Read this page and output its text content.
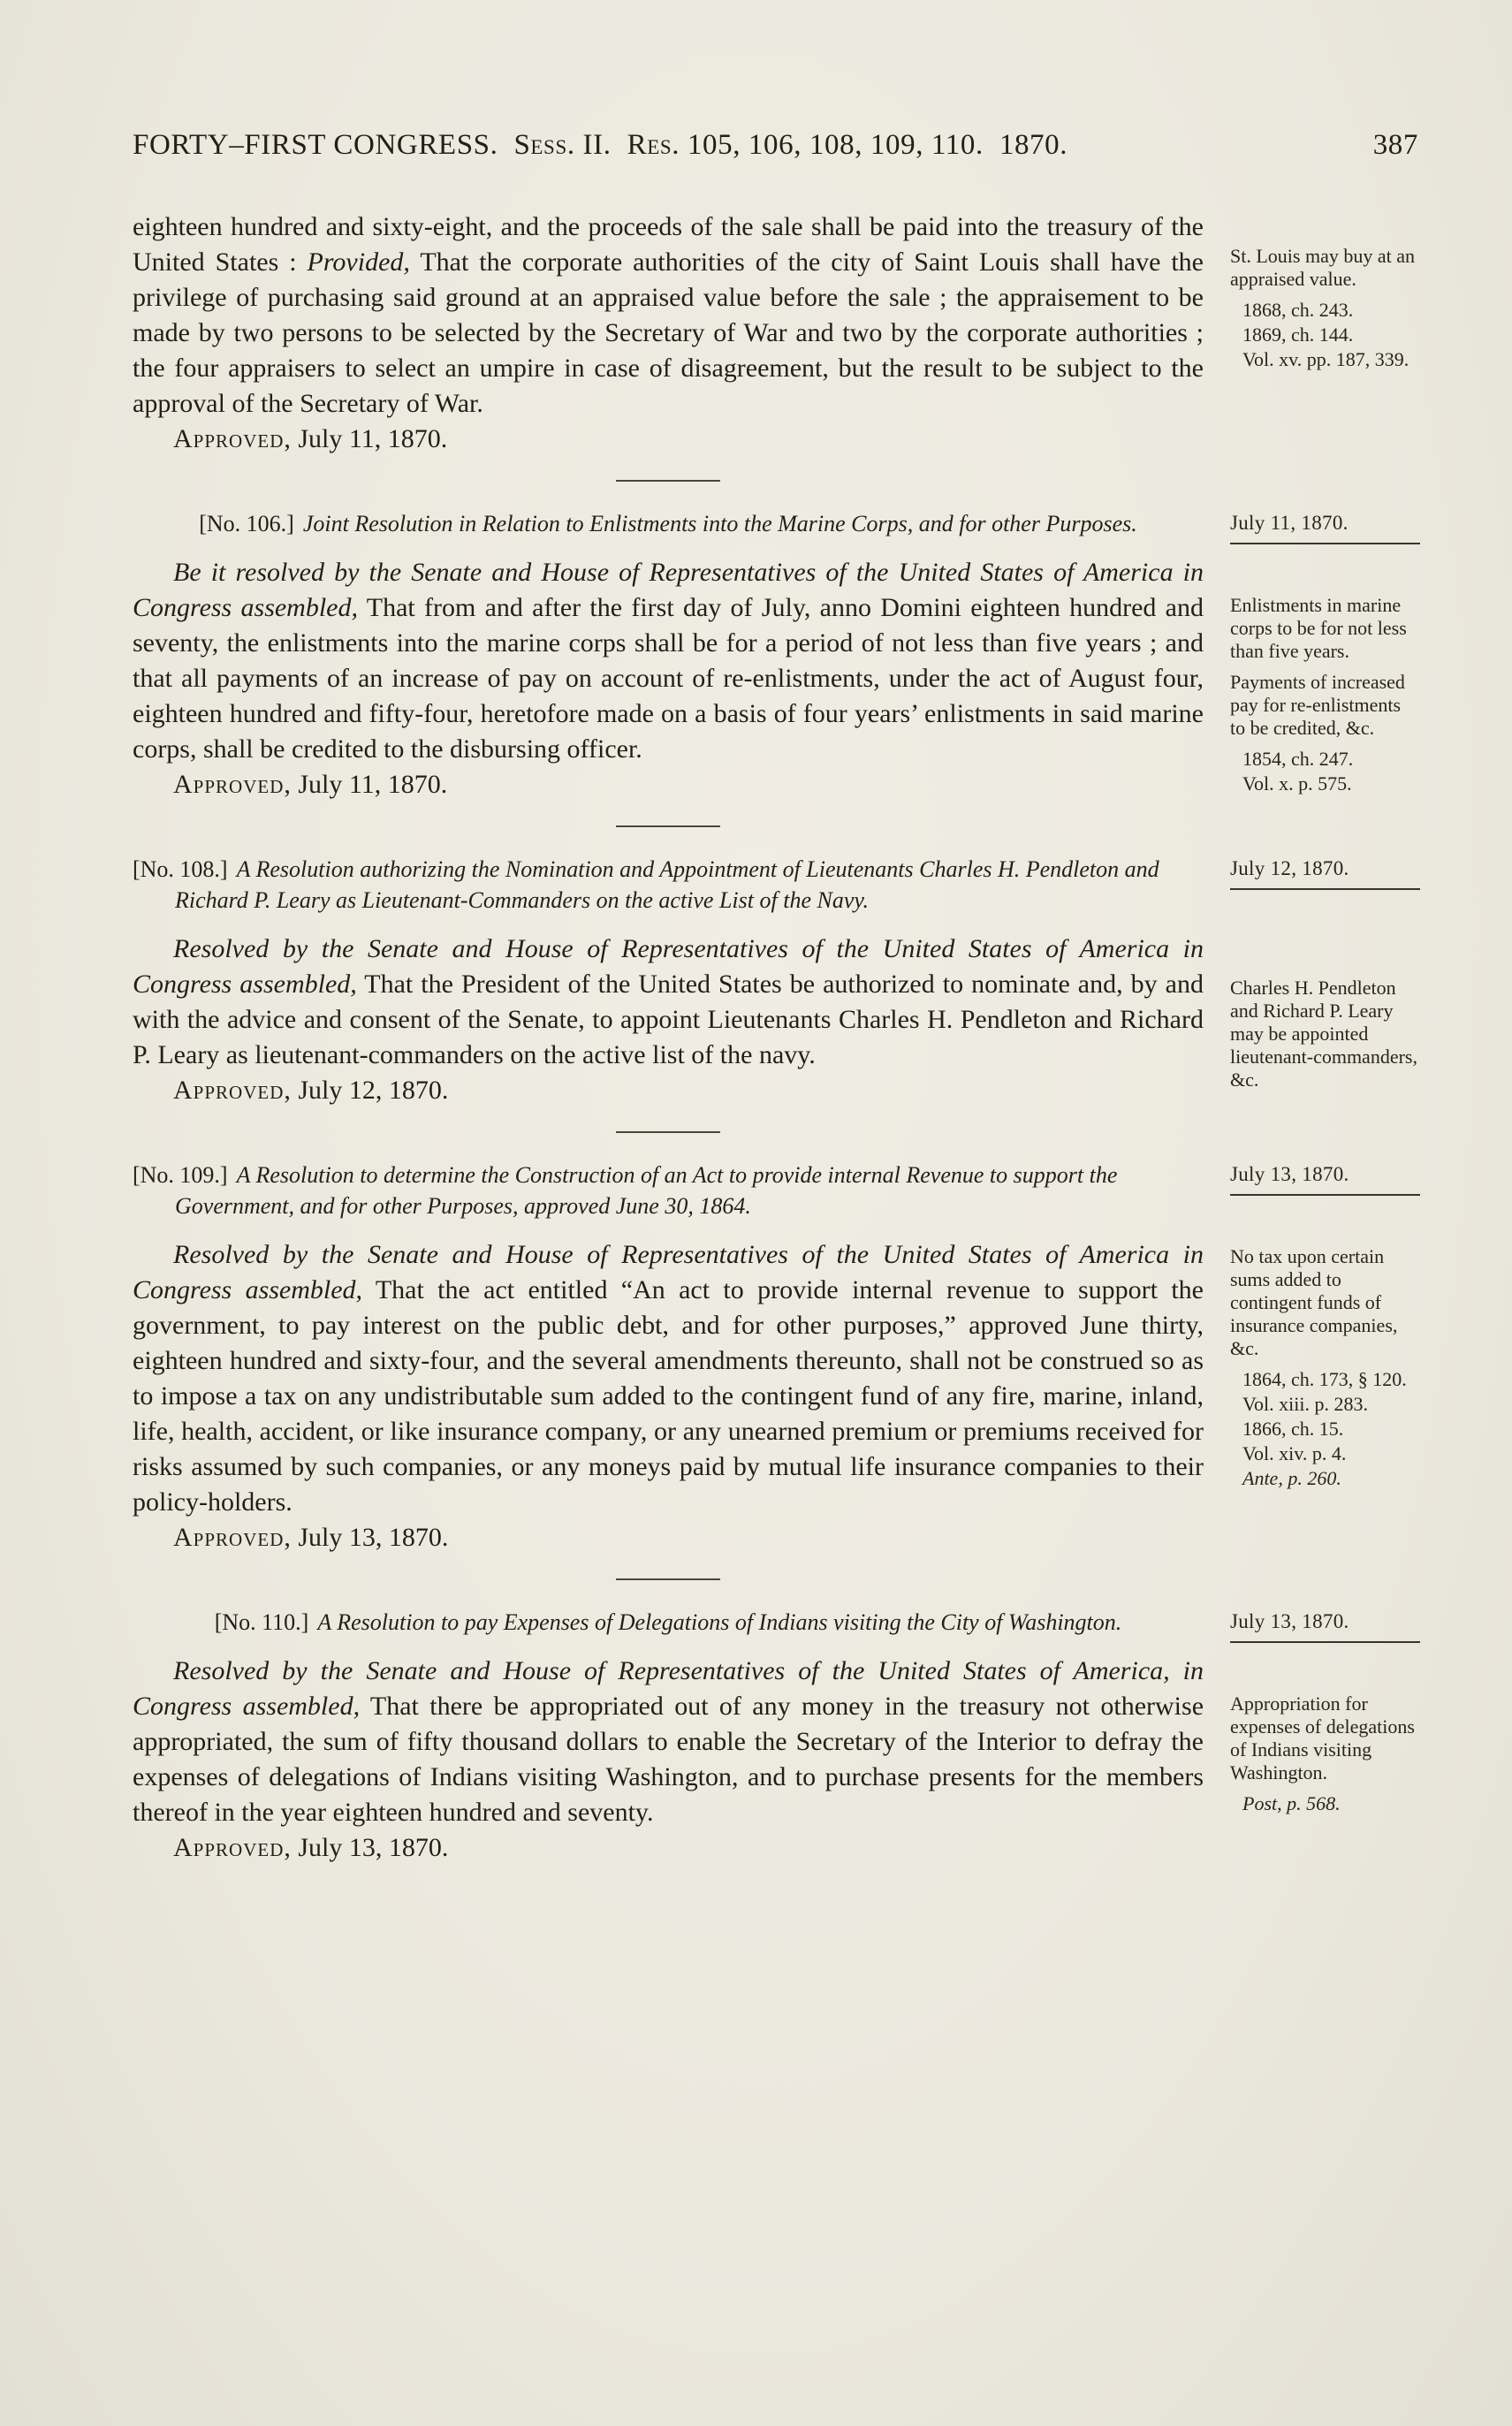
FORTY–FIRST CONGRESS. Sess. II. Res. 105, 106, 108, 109, 110. 1870.	387

eighteen hundred and sixty-eight, and the proceeds of the sale shall be paid into the treasury of the United States : Provided, That the corporate authorities of the city of Saint Louis shall have the privilege of purchasing said ground at an appraised value before the sale ; the appraisement to be made by two persons to be selected by the Secretary of War and two by the corporate authorities ; the four appraisers to select an umpire in case of disagreement, but the result to be subject to the approval of the Secretary of War.

Approved, July 11, 1870.

St. Louis may buy at an appraised value.
1868, ch. 243.
1869, ch. 144.
Vol. xv. pp. 187, 339.
[No. 106.] Joint Resolution in Relation to Enlistments into the Marine Corps, and for other Purposes.

Be it resolved by the Senate and House of Representatives of the United States of America in Congress assembled, That from and after the first day of July, anno Domini eighteen hundred and seventy, the enlistments into the marine corps shall be for a period of not less than five years ; and that all payments of an increase of pay on account of re-enlistments, under the act of August four, eighteen hundred and fifty-four, heretofore made on a basis of four years’ enlistments in said marine corps, shall be credited to the disbursing officer.

Approved, July 11, 1870.

July 11, 1870.
Enlistments in marine corps to be for not less than five years.
Payments of increased pay for re-enlistments to be credited, &c.
1854, ch. 247.
Vol. x. p. 575.
[No. 108.] A Resolution authorizing the Nomination and Appointment of Lieutenants Charles H. Pendleton and Richard P. Leary as Lieutenant-Commanders on the active List of the Navy.

Resolved by the Senate and House of Representatives of the United States of America in Congress assembled, That the President of the United States be authorized to nominate and, by and with the advice and consent of the Senate, to appoint Lieutenants Charles H. Pendleton and Richard P. Leary as lieutenant-commanders on the active list of the navy.

Approved, July 12, 1870.

July 12, 1870.
Charles H. Pendleton and Richard P. Leary may be appointed lieutenant-commanders, &c.
[No. 109.] A Resolution to determine the Construction of an Act to provide internal Revenue to support the Government, and for other Purposes, approved June 30, 1864.

Resolved by the Senate and House of Representatives of the United States of America in Congress assembled, That the act entitled “An act to provide internal revenue to support the government, to pay interest on the public debt, and for other purposes,” approved June thirty, eighteen hundred and sixty-four, and the several amendments thereunto, shall not be construed so as to impose a tax on any undistributable sum added to the contingent fund of any fire, marine, inland, life, health, accident, or like insurance company, or any unearned premium or premiums received for risks assumed by such companies, or any moneys paid by mutual life insurance companies to their policy-holders.

Approved, July 13, 1870.

July 13, 1870.
No tax upon certain sums added to contingent funds of insurance companies, &c.
1864, ch. 173, § 120.
Vol. xiii. p. 283.
1866, ch. 15.
Vol. xiv. p. 4.
Ante, p. 260.
[No. 110.] A Resolution to pay Expenses of Delegations of Indians visiting the City of Washington.

Resolved by the Senate and House of Representatives of the United States of America, in Congress assembled, That there be appropriated out of any money in the treasury not otherwise appropriated, the sum of fifty thousand dollars to enable the Secretary of the Interior to defray the expenses of delegations of Indians visiting Washington, and to purchase presents for the members thereof in the year eighteen hundred and seventy.

Approved, July 13, 1870.

July 13, 1870.
Appropriation for expenses of delegations of Indians visiting Washington.
Post, p. 568.
